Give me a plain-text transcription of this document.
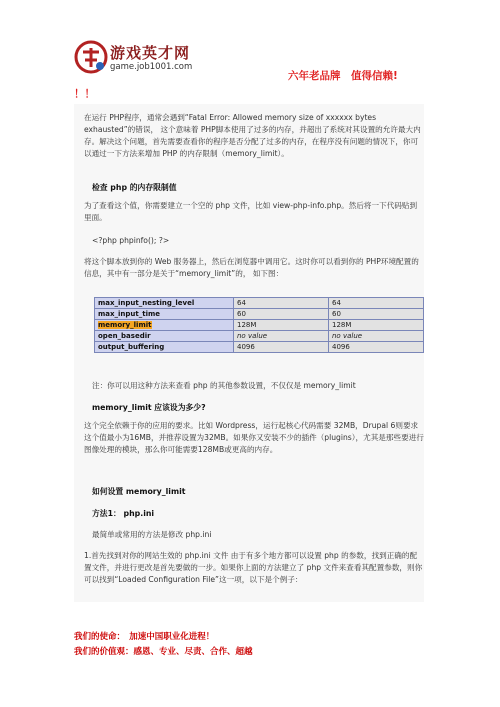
游戏英才网
game.job1001.com
六年老品牌　值得信赖!
！！
在运行 PHP程序，通常会遇到“Fatal Error: Allowed memory size of xxxxxx bytes exhausted”的错误， 这个意味着 PHP脚本使用了过多的内存，并超出了系统对其设置的允许最大内存。解决这个问题，首先需要查看你的程序是否分配了过多的内存，在程序没有问题的情况下，你可以通过一下方法来增加 PHP 的内存限制（memory_limit）。
检查 php 的内存限制值
为了查看这个值，你需要建立一个空的 php 文件，比如 view-php-info.php。然后将一下代码贴到里面。
<?php phpinfo(); ?>
将这个脚本放到你的 Web 服务器上，然后在浏览器中调用它。这时你可以看到你的 PHP环境配置的信息，其中有一部分是关于“memory_limit”的， 如下图：
max_input_nesting_level	64	64
max_input_time	60	60
memory_limit	128M	128M
open_basedir	no value	no value
output_buffering	4096	4096
注：你可以用这种方法来查看 php 的其他参数设置，不仅仅是 memory_limit
memory_limit 应该设为多少?
这个完全依赖于你的应用的要求。比如 Wordpress，运行起核心代码需要 32MB，Drupal 6则要求这个值最小为16MB，并推荐设置为32MB。如果你又安装不少的插件（plugins），尤其是那些要进行图像处理的模块，那么你可能需要128MB或更高的内存。
如何设置 memory_limit
方法1： php.ini
最简单或常用的方法是修改 php.ini
1.首先找到对你的网站生效的 php.ini 文件 由于有多个地方都可以设置 php 的参数，找到正确的配置文件，并进行更改是首先要做的一步。如果你上面的方法建立了 php 文件来查看其配置参数，则你可以找到“Loaded Configuration File”这一项，以下是个例子：
我们的使命：　加速中国职业化进程！
我们的价值观：感恩、专业、尽责、合作、超越
